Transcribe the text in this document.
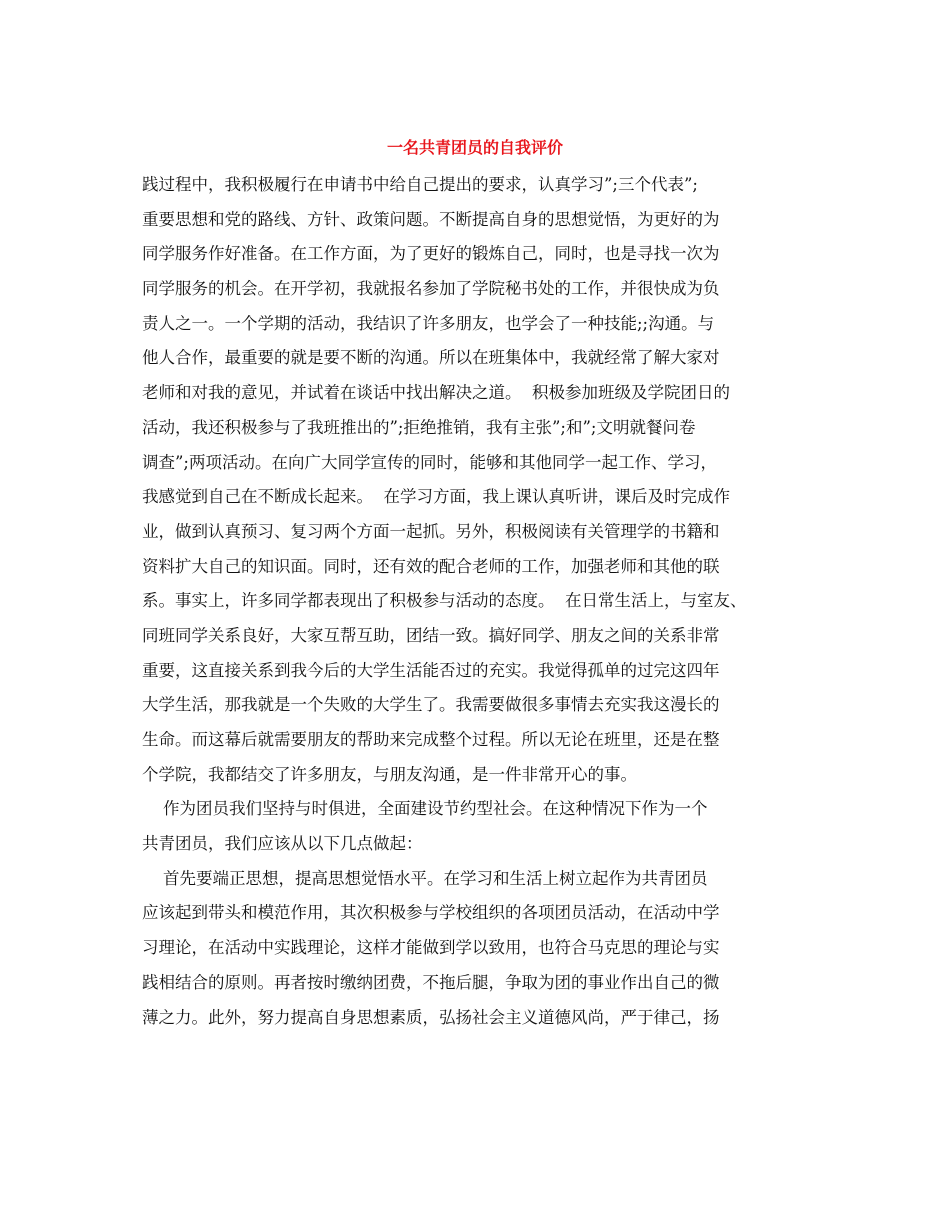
一名共青团员的自我评价

践过程中，我积极履行在申请书中给自己提出的要求，认真学习”;三个代表”;

重要思想和党的路线、方针、政策问题。不断提高自身的思想觉悟，为更好的为

同学服务作好准备。在工作方面，为了更好的锻炼自己，同时，也是寻找一次为

同学服务的机会。在开学初，我就报名参加了学院秘书处的工作，并很快成为负

责人之一。一个学期的活动，我结识了许多朋友，也学会了一种技能;;沟通。与

他人合作，最重要的就是要不断的沟通。所以在班集体中，我就经常了解大家对

老师和对我的意见，并试着在谈话中找出解决之道。  积极参加班级及学院团日的

活动，我还积极参与了我班推出的”;拒绝推销，我有主张”;和”;文明就餐问卷

调查”;两项活动。在向广大同学宣传的同时，能够和其他同学一起工作、学习，

我感觉到自己在不断成长起来。  在学习方面，我上课认真听讲，课后及时完成作

业，做到认真预习、复习两个方面一起抓。另外，积极阅读有关管理学的书籍和

资料扩大自己的知识面。同时，还有效的配合老师的工作，加强老师和其他的联

系。事实上，许多同学都表现出了积极参与活动的态度。  在日常生活上，与室友、

同班同学关系良好，大家互帮互助，团结一致。搞好同学、朋友之间的关系非常

重要，这直接关系到我今后的大学生活能否过的充实。我觉得孤单的过完这四年

大学生活，那我就是一个失败的大学生了。我需要做很多事情去充实我这漫长的

生命。而这幕后就需要朋友的帮助来完成整个过程。所以无论在班里，还是在整

个学院，我都结交了许多朋友，与朋友沟通，是一件非常开心的事。

作为团员我们坚持与时俱进，全面建设节约型社会。在这种情况下作为一个

共青团员，我们应该从以下几点做起：

首先要端正思想，提高思想觉悟水平。在学习和生活上树立起作为共青团员

应该起到带头和模范作用，其次积极参与学校组织的各项团员活动，在活动中学

习理论，在活动中实践理论，这样才能做到学以致用，也符合马克思的理论与实

践相结合的原则。再者按时缴纳团费，不拖后腿，争取为团的事业作出自己的微

薄之力。此外，努力提高自身思想素质，弘扬社会主义道德风尚，严于律己，扬
